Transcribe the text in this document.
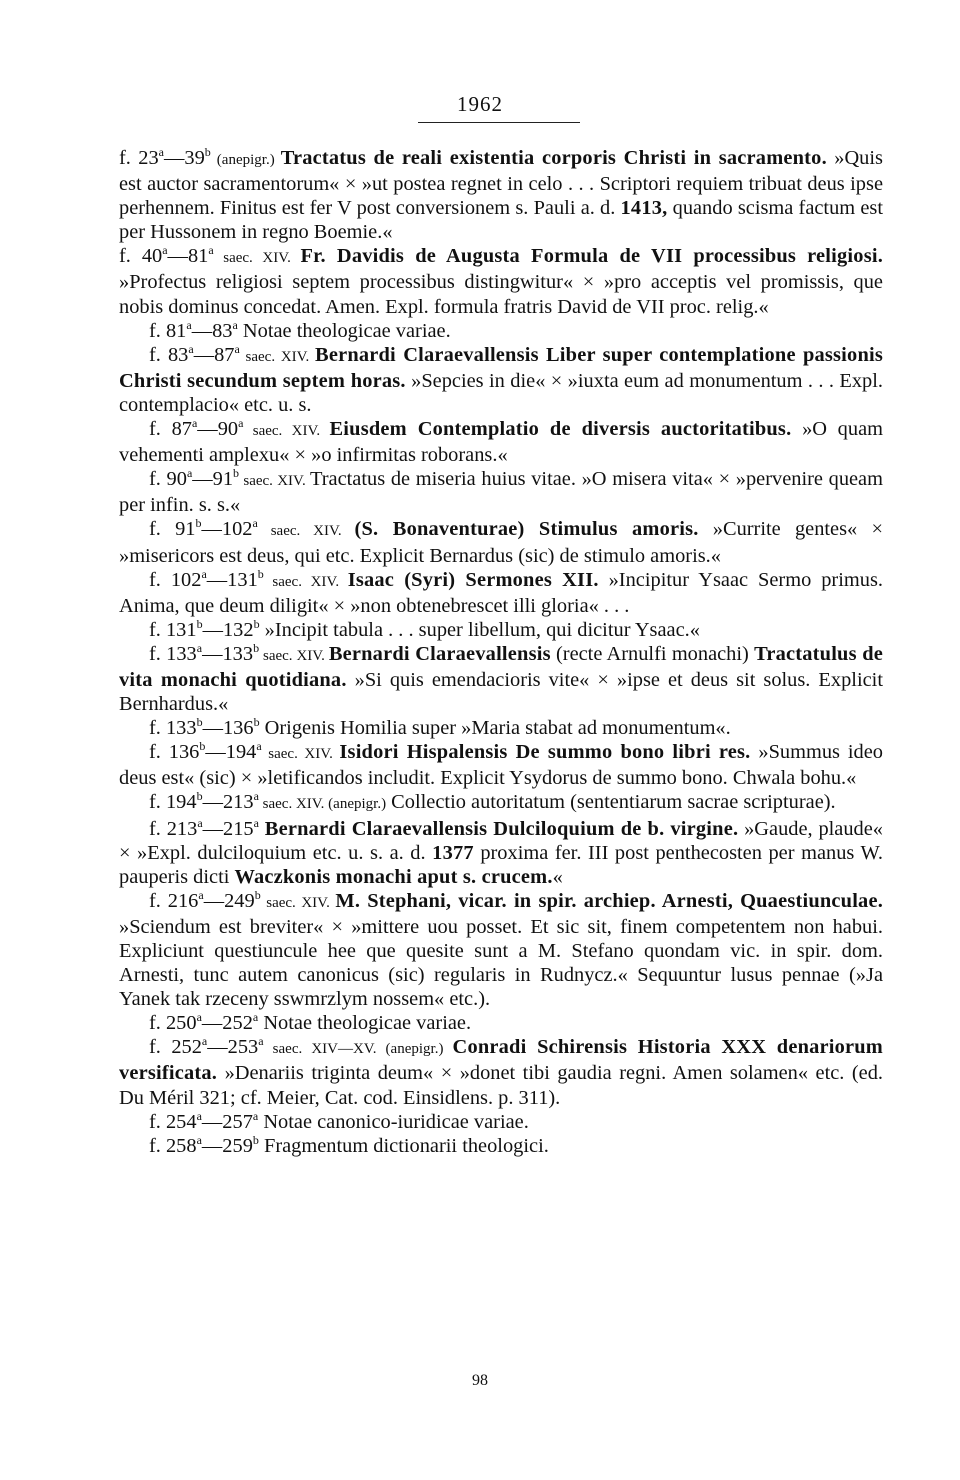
1962

f. 23$^a$—39$^b$ (anepigr.) Tractatus de reali existentia corporis Christi in sacramento. »Quis est auctor sacramentorum« × »ut postea regnet in celo . . . Scriptori requiem tribuat deus ipse perhennem. Finitus est fer V post conversionem s. Pauli a. d. 1413, quando scisma factum est per Hussonem in regno Boemie.«

f. 40$^a$—81$^a$ saec. XIV. Fr. Davidis de Augusta Formula de VII processibus religiosi. »Profectus religiosi septem processibus distingwitur« × »pro acceptis vel promissis, que nobis dominus concedat. Amen. Expl. formula fratris David de VII proc. relig.«

f. 81$^a$—83$^a$ Notae theologicae variae.

f. 83$^a$—87$^a$ saec. XIV. Bernardi Claraevallensis Liber super contemplatione passionis Christi secundum septem horas. »Sepcies in die« × »iuxta eum ad monumentum . . . Expl. contemplacio« etc. u. s.

f. 87$^a$—90$^a$ saec. XIV. Eiusdem Contemplatio de diversis auctoritatibus. »O quam vehementi amplexu« × »o infirmitas roborans.«

f. 90$^a$—91$^b$ saec. XIV. Tractatus de miseria huius vitae. »O misera vita« × »pervenire queam per infin. s. s.«

f. 91$^b$—102$^a$ saec. XIV. (S. Bonaventurae) Stimulus amoris. »Currite gentes« × »misericors est deus, qui etc. Explicit Bernardus (sic) de stimulo amoris.«

f. 102$^a$—131$^b$ saec. XIV. Isaac (Syri) Sermones XII. »Incipitur Ysaac Sermo primus. Anima, que deum diligit« × »non obtenebrescet illi gloria« . . .

f. 131$^b$—132$^b$ »Incipit tabula . . . super libellum, qui dicitur Ysaac.«

f. 133$^a$—133$^b$ saec. XIV. Bernardi Claraevallensis (recte Arnulfi monachi) Tractatulus de vita monachi quotidiana. »Si quis emendacioris vite« × »ipse et deus sit solus. Explicit Bernhardus.«

f. 133$^b$—136$^b$ Origenis Homilia super »Maria stabat ad monumentum«.

f. 136$^b$—194$^a$ saec. XIV. Isidori Hispalensis De summo bono libri res. »Summus ideo deus est« (sic) × »letificandos includit. Explicit Ysydorus de summo bono. Chwala bohu.«

f. 194$^b$—213$^a$ saec. XIV. (anepigr.) Collectio autoritatum (sententiarum sacrae scripturae).

f. 213$^a$—215$^a$ Bernardi Claraevallensis Dulciloquium de b. virgine. »Gaude, plaude« × »Expl. dulciloquium etc. u. s. a. d. 1377 proxima fer. III post penthecosten per manus W. pauperis dicti Waczkonis monachi aput s. crucem.«

f. 216$^a$—249$^b$ saec. XIV. M. Stephani, vicar. in spir. archiep. Arnesti, Quaestiunculae. »Sciendum est breviter« × »mittere uou posset. Et sic sit, finem competentem non habui. Expliciunt questiuncule hee que quesite sunt a M. Stefano quondam vic. in spir. dom. Arnesti, tunc autem canonicus (sic) regularis in Rudnycz.« Sequuntur lusus pennae (»Ja Yanek tak rzeceny sswmrzlym nossem« etc.).

f. 250$^a$—252$^a$ Notae theologicae variae.

f. 252$^a$—253$^a$ saec. XIV—XV. (anepigr.) Conradi Schirensis Historia XXX denariorum versificata. »Denariis triginta deum« × »donet tibi gaudia regni. Amen solamen« etc. (ed. Du Méril 321; cf. Meier, Cat. cod. Einsidlens. p. 311).

f. 254$^a$—257$^a$ Notae canonico-iuridicae variae.

f. 258$^a$—259$^b$ Fragmentum dictionarii theologici.

98
